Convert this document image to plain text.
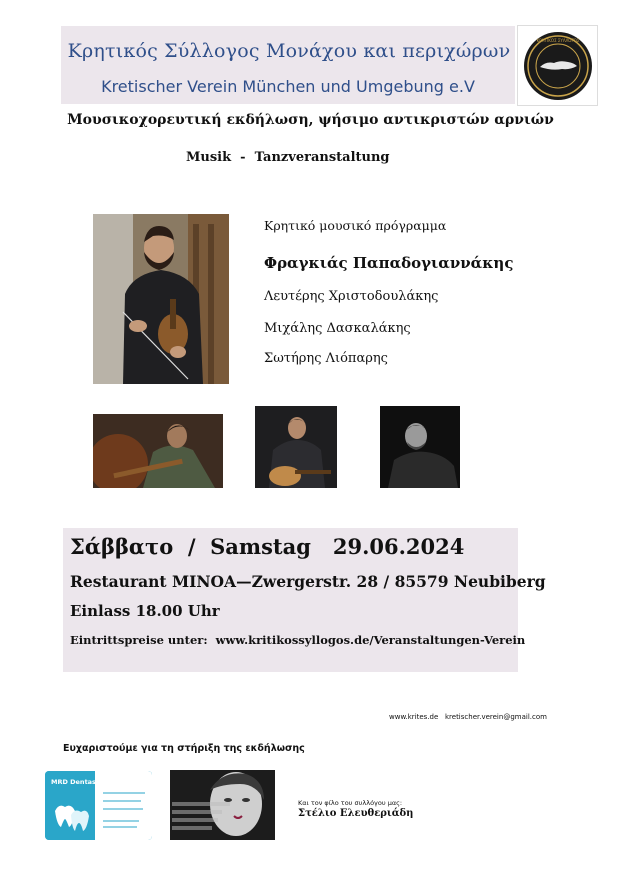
Κρητικός Σύλλογος Μονάχου και περιχώρων
Kretischer Verein München und Umgebung e.V
ΚΡΗΤΙΚΟΣ ΣΥΛΛΟΓΟΣ
Μουσικοχορευτική εκδήλωση, ψήσιμο αντικριστών αρνιών
Musik  -  Tanzveranstaltung
Κρητικό μουσικό πρόγραμμα
Φραγκιάς Παπαδογιαννάκης
Λευτέρης Χριστοδουλάκης
Μιχάλης Δασκαλάκης
Σωτήρης Λιόπαρης
Σάββατο  /  Samstag   29.06.2024
Restaurant MINOA—Zwergerstr. 28 / 85579 Neubiberg
Einlass 18.00 Uhr
Eintrittspreise unter:  www.kritikossyllogos.de/Veranstaltungen-Verein
www.krites.de   kretischer.verein@gmail.com
Ευχαριστούμε για τη στήριξη της εκδήλωσης
MRD Dentasmile
Και τον φίλο του συλλόγου μας:
Στέλιο Ελευθεριάδη
